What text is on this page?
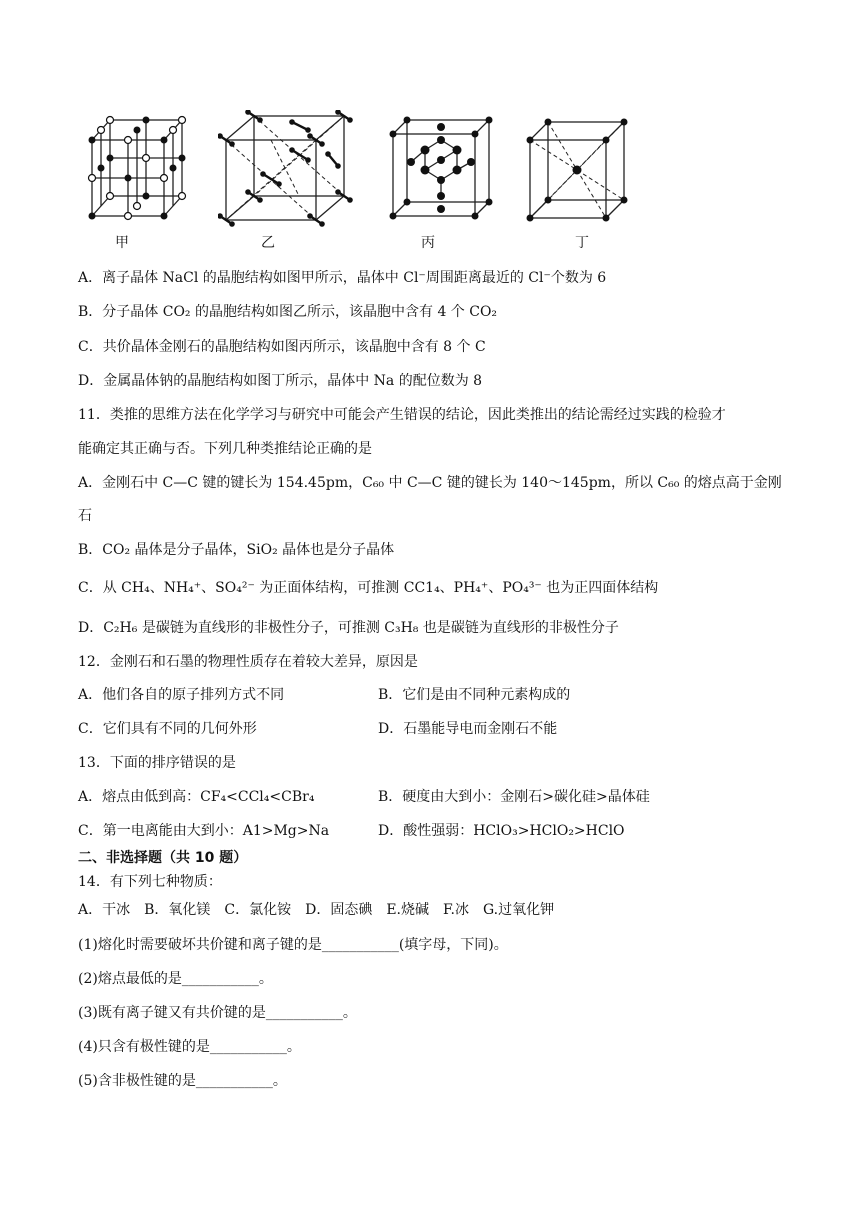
甲	乙	丙	丁
A．离子晶体 NaCl 的晶胞结构如图甲所示，晶体中 Cl⁻周围距离最近的 Cl⁻个数为 6
B．分子晶体 CO₂ 的晶胞结构如图乙所示，该晶胞中含有 4 个 CO₂
C．共价晶体金刚石的晶胞结构如图丙所示，该晶胞中含有 8 个 C
D．金属晶体钠的晶胞结构如图丁所示，晶体中 Na 的配位数为 8
11．类推的思维方法在化学学习与研究中可能会产生错误的结论，因此类推出的结论需经过实践的检验才
能确定其正确与否。下列几种类推结论正确的是
A．金刚石中 C—C 键的键长为 154.45pm，C₆₀ 中 C—C 键的键长为 140～145pm，所以 C₆₀ 的熔点高于金刚
石
B．CO₂ 晶体是分子晶体，SiO₂ 晶体也是分子晶体
C．从 CH₄、NH₄⁺、SO₄²⁻ 为正面体结构，可推测 CC1₄、PH₄⁺、PO₄³⁻ 也为正四面体结构
D．C₂H₆ 是碳链为直线形的非极性分子，可推测 C₃H₈ 也是碳链为直线形的非极性分子
12．金刚石和石墨的物理性质存在着较大差异，原因是
A．他们各自的原子排列方式不同	B．它们是由不同种元素构成的
C．它们具有不同的几何外形	D．石墨能导电而金刚石不能
13．下面的排序错误的是
A．熔点由低到高：CF₄<CCl₄<CBr₄	B．硬度由大到小：金刚石>碳化硅>晶体硅
C．第一电离能由大到小：A1>Mg>Na	D．酸性强弱：HClO₃>HClO₂>HClO
二、非选择题（共 10 题）
14．有下列七种物质：
A．干冰　B．氧化镁　C．氯化铵　D．固态碘　E.烧碱　F.冰　G.过氧化钾
(1)熔化时需要破坏共价键和离子键的是___________(填字母，下同)。
(2)熔点最低的是___________。
(3)既有离子键又有共价键的是___________。
(4)只含有极性键的是___________。
(5)含非极性键的是___________。
